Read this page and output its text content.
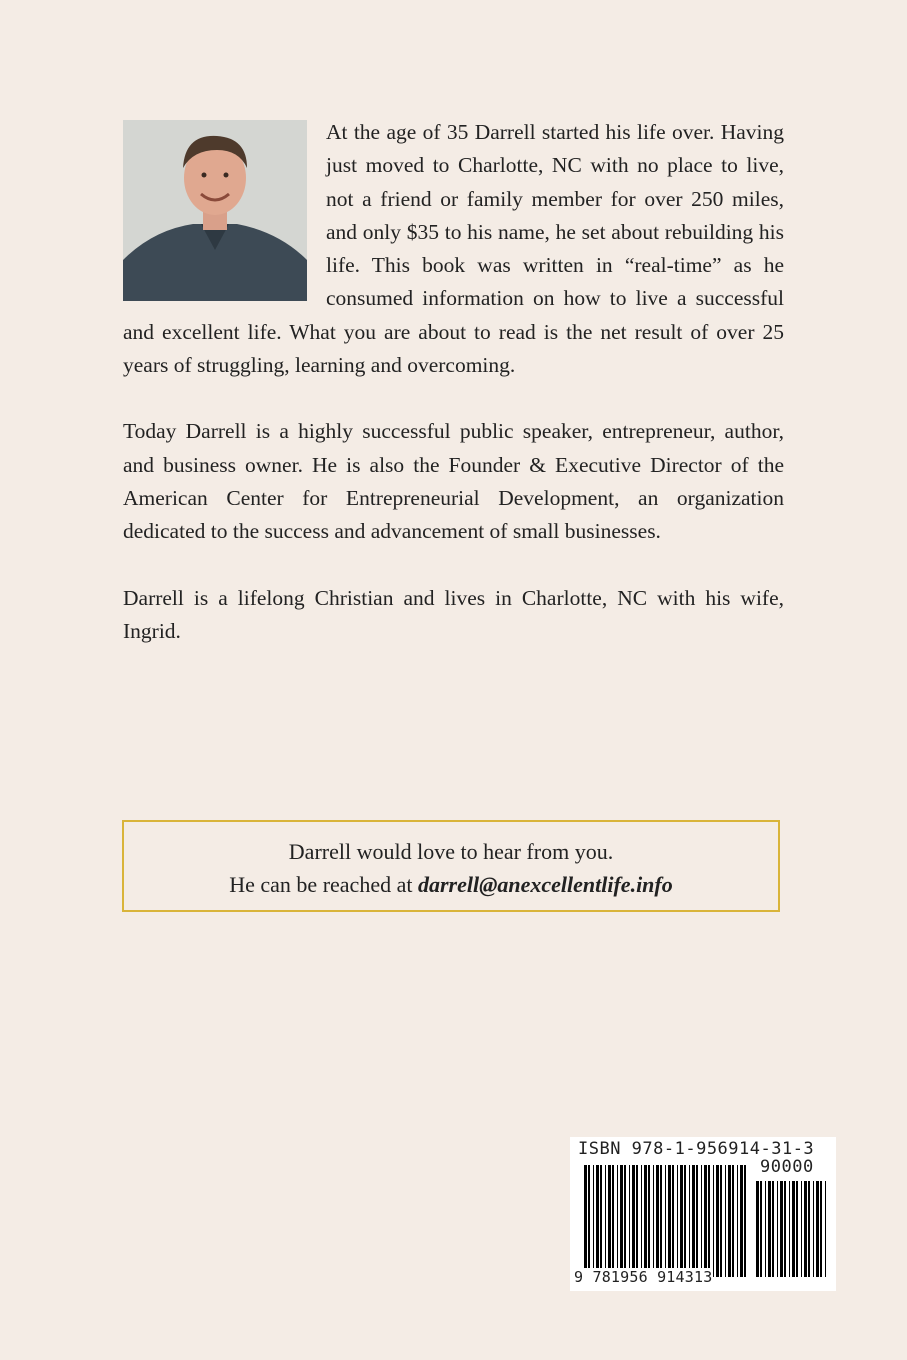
At the age of 35 Darrell started his life over. Having just moved to Charlotte, NC with no place to live, not a friend or family member for over 250 miles, and only $35 to his name, he set about rebuilding his life. This book was written in “real-time” as he consumed information on how to live a successful and excellent life. What you are about to read is the net result of over 25 years of struggling, learning and overcoming.

Today Darrell is a highly successful public speaker, entrepreneur, author, and business owner. He is also the Founder & Executive Director of the American Center for Entrepreneurial Development, an organization dedicated to the success and advancement of small businesses.

Darrell is a lifelong Christian and lives in Charlotte, NC with his wife, Ingrid.

Darrell would love to hear from you.
He can be reached at darrell@anexcellentlife.info
ISBN 978-1-956914-31-3
90000
9 781956 914313
